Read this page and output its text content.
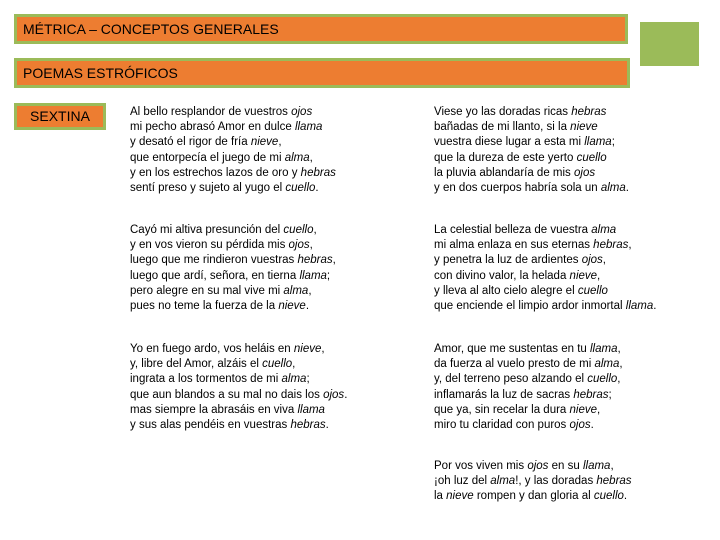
MÉTRICA – CONCEPTOS GENERALES
POEMAS ESTRÓFICOS
SEXTINA	Al bello resplandor de vuestros ojos
mi pecho abrasó Amor en dulce llama
y desató el rigor de fría nieve,
que entorpecía el juego de mi alma,
y en los estrechos lazos de oro y hebras
sentí preso y sujeto al yugo el cuello.
Viese yo las doradas ricas hebras
bañadas de mi llanto, si la nieve
vuestra diese lugar a esta mi llama;
que la dureza de este yerto cuello
la pluvia ablandaría de mis ojos
y en dos cuerpos habría sola un alma.
Cayó mi altiva presunción del cuello,
y en vos vieron su pérdida mis ojos,
luego que me rindieron vuestras hebras,
luego que ardí, señora, en tierna llama;
pero alegre en su mal vive mi alma,
pues no teme la fuerza de la nieve.
La celestial belleza de vuestra alma
mi alma enlaza en sus eternas hebras,
y penetra la luz de ardientes ojos,
con divino valor, la helada nieve,
y lleva al alto cielo alegre el cuello
que enciende el limpio ardor inmortal llama.
Yo en fuego ardo, vos heláis en nieve,
y, libre del Amor, alzáis el cuello,
ingrata a los tormentos de mi alma;
que aun blandos a su mal no dais los ojos.
mas siempre la abrasáis en viva llama
y sus alas pendéis en vuestras hebras.
Amor, que me sustentas en tu llama,
da fuerza al vuelo presto de mi alma,
y, del terreno peso alzando el cuello,
inflamarás la luz de sacras hebras;
que ya, sin recelar la dura nieve,
miro tu claridad con puros ojos.
Por vos viven mis ojos en su llama,
¡oh luz del alma!, y las doradas hebras
la nieve rompen y dan gloria al cuello.
